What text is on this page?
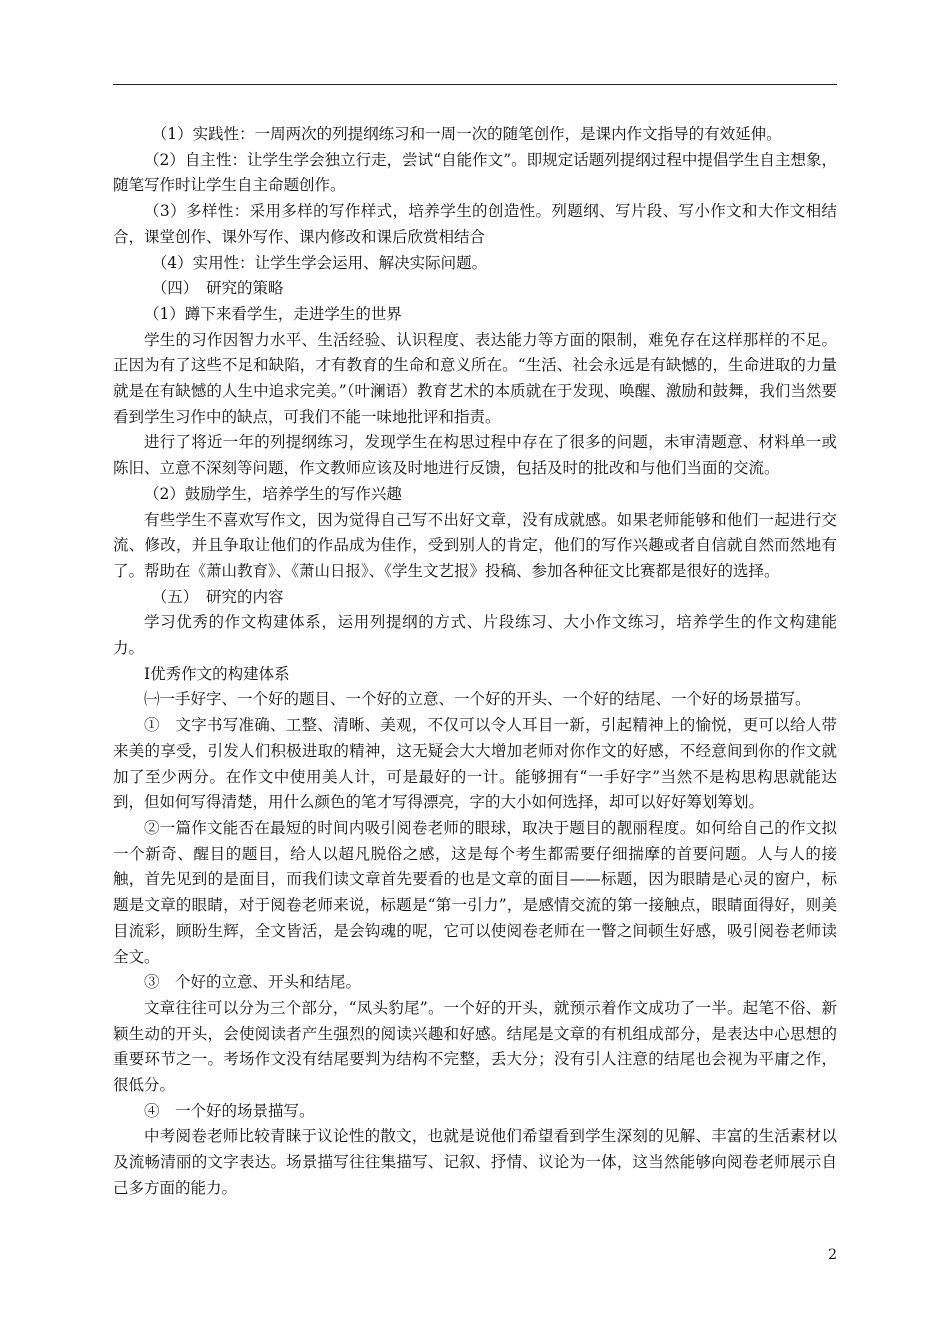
（1）实践性：一周两次的列提纲练习和一周一次的随笔创作，是课内作文指导的有效延伸。

（2）自主性：让学生学会独立行走，尝试“自能作文”。即规定话题列提纲过程中提倡学生自主想象，随笔写作时让学生自主命题创作。

（3）多样性：采用多样的写作样式，培养学生的创造性。列题纲、写片段、写小作文和大作文相结合，课堂创作、课外写作、课内修改和课后欣赏相结合

（4）实用性：让学生学会运用、解决实际问题。

（四）　研究的策略

（1）蹲下来看学生，走进学生的世界

学生的习作因智力水平、生活经验、认识程度、表达能力等方面的限制，难免存在这样那样的不足。正因为有了这些不足和缺陷，才有教育的生命和意义所在。“生活、社会永远是有缺憾的，生命进取的力量就是在有缺憾的人生中追求完美。”（叶澜语）教育艺术的本质就在于发现、唤醒、激励和鼓舞，我们当然要看到学生习作中的缺点，可我们不能一味地批评和指责。

进行了将近一年的列提纲练习，发现学生在构思过程中存在了很多的问题，未审清题意、材料单一或陈旧、立意不深刻等问题，作文教师应该及时地进行反馈，包括及时的批改和与他们当面的交流。

（2）鼓励学生，培养学生的写作兴趣

有些学生不喜欢写作文，因为觉得自己写不出好文章，没有成就感。如果老师能够和他们一起进行交流、修改，并且争取让他们的作品成为佳作，受到别人的肯定，他们的写作兴趣或者自信就自然而然地有了。帮助在《萧山教育》、《萧山日报》、《学生文艺报》投稿、参加各种征文比赛都是很好的选择。

（五）　研究的内容

学习优秀的作文构建体系，运用列提纲的方式、片段练习、大小作文练习，培养学生的作文构建能力。

Ⅰ优秀作文的构建体系

㈠一手好字、一个好的题目、一个好的立意、一个好的开头、一个好的结尾、一个好的场景描写。

①　文字书写准确、工整、清晰、美观，不仅可以令人耳目一新，引起精神上的愉悦，更可以给人带来美的享受，引发人们积极进取的精神，这无疑会大大增加老师对你作文的好感，不经意间到你的作文就加了至少两分。在作文中使用美人计，可是最好的一计。能够拥有“一手好字”当然不是构思构思就能达到，但如何写得清楚，用什么颜色的笔才写得漂亮，字的大小如何选择，却可以好好筹划筹划。

②一篇作文能否在最短的时间内吸引阅卷老师的眼球，取决于题目的靓丽程度。如何给自己的作文拟一个新奇、醒目的题目，给人以超凡脱俗之感，这是每个考生都需要仔细揣摩的首要问题。人与人的接触，首先见到的是面目，而我们读文章首先要看的也是文章的面目——标题，因为眼睛是心灵的窗户，标题是文章的眼睛，对于阅卷老师来说，标题是“第一引力”，是感情交流的第一接触点，眼睛面得好，则美目流彩，顾盼生辉，全文皆活，是会钩魂的呢，它可以使阅卷老师在一瞥之间顿生好感，吸引阅卷老师读全文。

③　个好的立意、开头和结尾。

文章往往可以分为三个部分，“凤头豹尾”。一个好的开头，就预示着作文成功了一半。起笔不俗、新颖生动的开头，会使阅读者产生强烈的阅读兴趣和好感。结尾是文章的有机组成部分，是表达中心思想的重要环节之一。考场作文没有结尾要判为结构不完整，丢大分；没有引人注意的结尾也会视为平庸之作，很低分。

④　一个好的场景描写。

中考阅卷老师比较青睐于议论性的散文，也就是说他们希望看到学生深刻的见解、丰富的生活素材以及流畅清丽的文字表达。场景描写往往集描写、记叙、抒情、议论为一体，这当然能够向阅卷老师展示自己多方面的能力。

2
